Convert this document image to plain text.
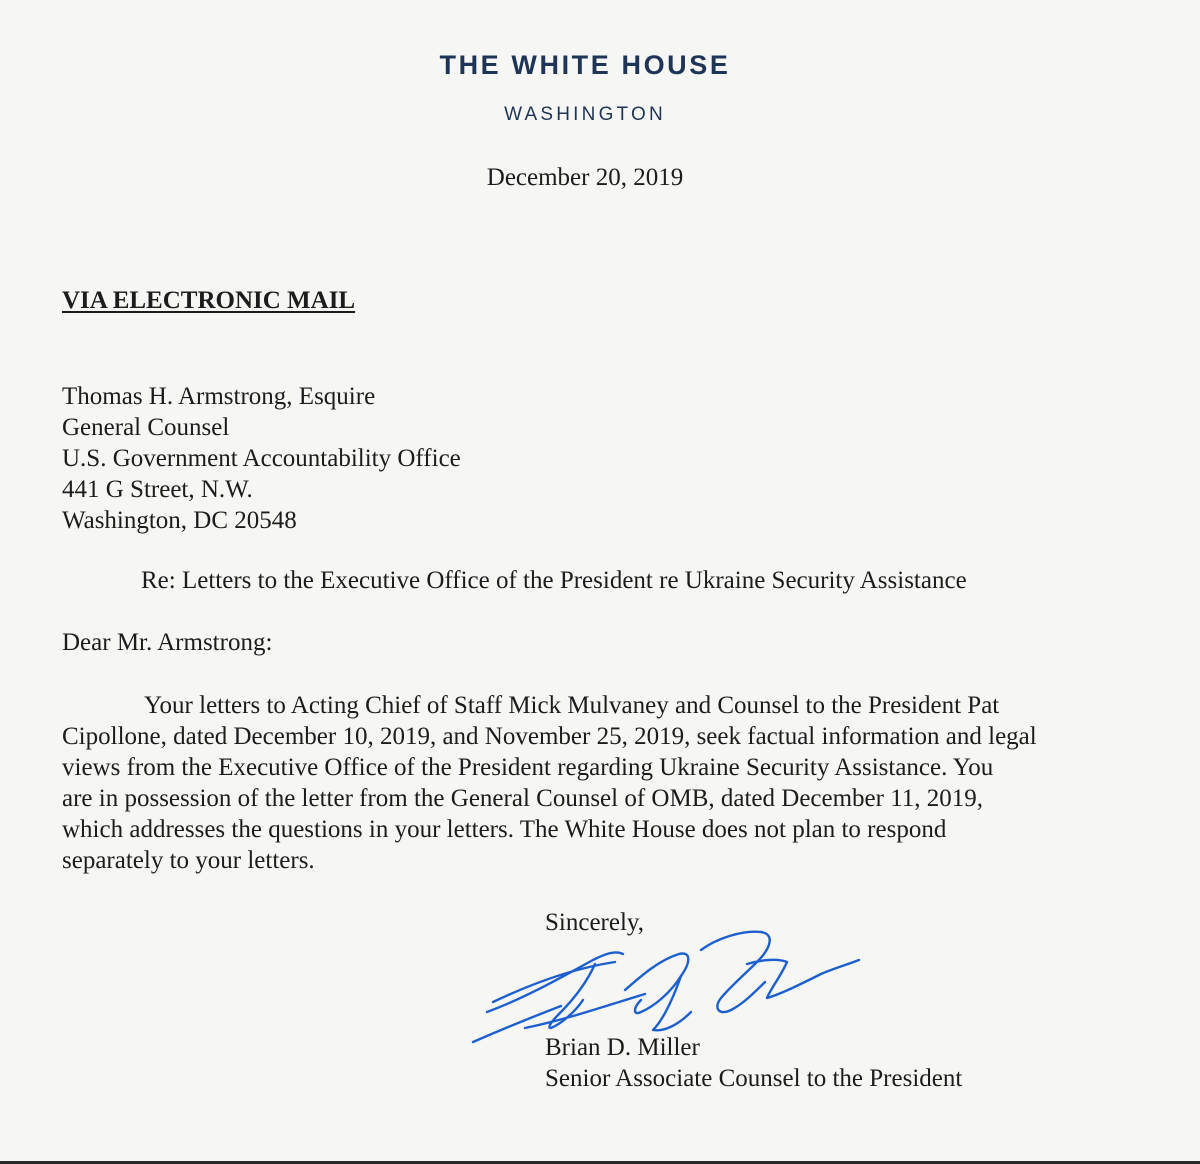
THE WHITE HOUSE
WASHINGTON
December 20, 2019
VIA ELECTRONIC MAIL
Thomas H. Armstrong, Esquire
General Counsel
U.S. Government Accountability Office
441 G Street, N.W.
Washington, DC 20548
Re: Letters to the Executive Office of the President re Ukraine Security Assistance
Dear Mr. Armstrong:
Your letters to Acting Chief of Staff Mick Mulvaney and Counsel to the President Pat
Cipollone, dated December 10, 2019, and November 25, 2019, seek factual information and legal
views from the Executive Office of the President regarding Ukraine Security Assistance. You
are in possession of the letter from the General Counsel of OMB, dated December 11, 2019,
which addresses the questions in your letters. The White House does not plan to respond
separately to your letters.
Sincerely,
Brian D. Miller
Senior Associate Counsel to the President
